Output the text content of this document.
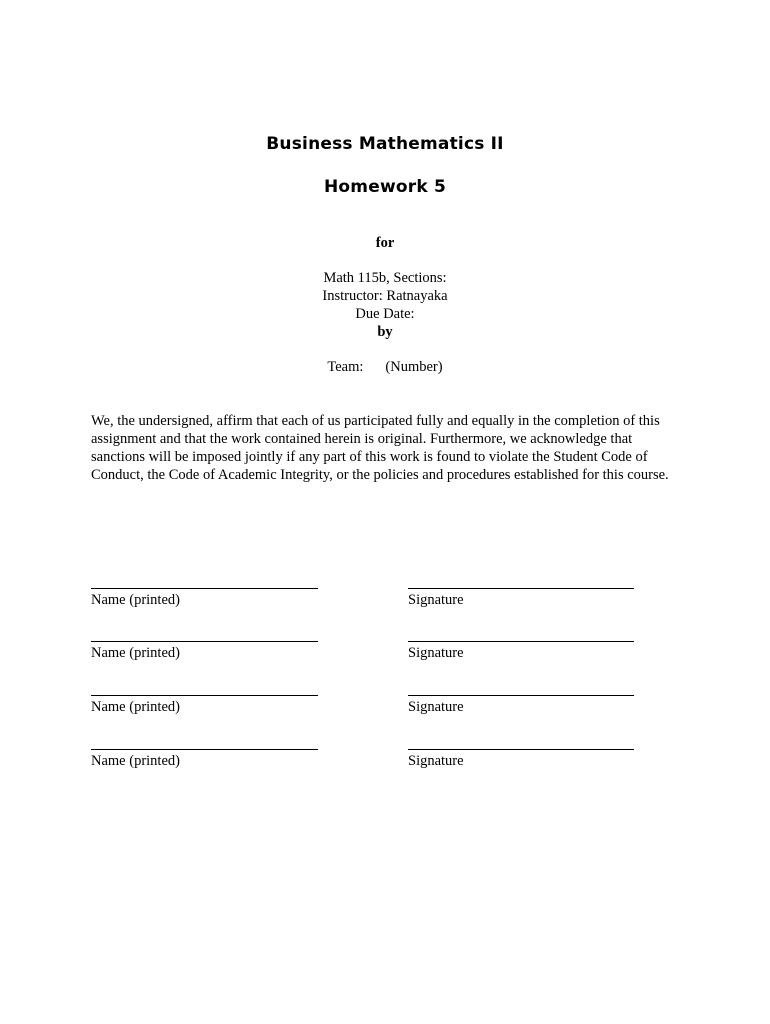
Business Mathematics II
Homework 5
for
Math 115b, Sections:
Instructor: Ratnayaka
Due Date:
by
Team: (Number)

We, the undersigned, affirm that each of us participated fully and equally in the completion of this assignment and that the work contained herein is original. Furthermore, we acknowledge that sanctions will be imposed jointly if any part of this work is found to violate the Student Code of Conduct, the Code of Academic Integrity, or the policies and procedures established for this course.

Name (printed)	Signature
Name (printed)	Signature
Name (printed)	Signature
Name (printed)	Signature
